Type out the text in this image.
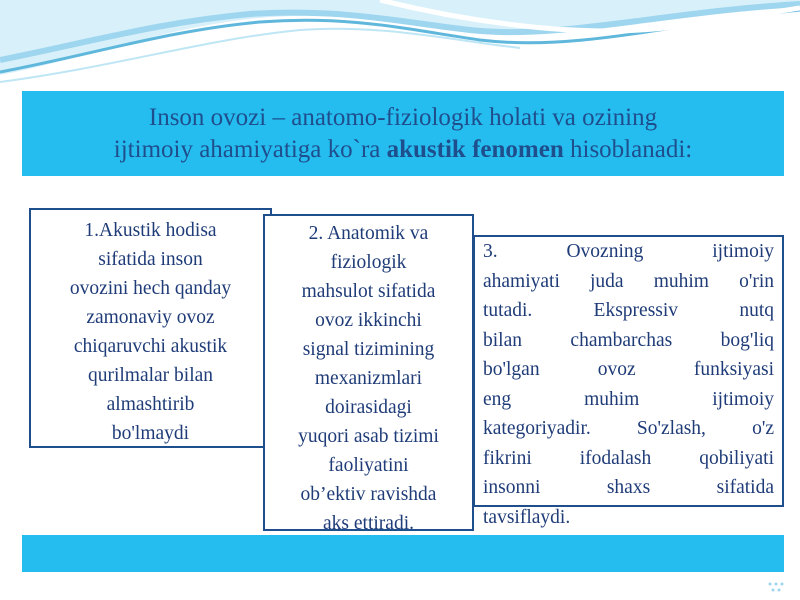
Inson ovozi – anatomo-fiziologik holati va ozining
ijtimoiy ahamiyatiga ko`ra akustik fenomen hisoblanadi:
1.Akustik hodisa
sifatida inson
ovozini hech qanday
zamonaviy ovoz
chiqaruvchi akustik
qurilmalar bilan
almashtirib
bo'lmaydi
2. Anatomik va
fiziologik
mahsulot sifatida
ovoz ikkinchi
signal tizimining
mexanizmlari
doirasidagi
yuqori asab tizimi
faoliyatini
ob’ektiv ravishda
aks ettiradi.
3. Ovozning ijtimoiy
ahamiyati juda muhim o'rin
tutadi. Ekspressiv nutq
bilan chambarchas bog'liq
bo'lgan ovoz funksiyasi
eng muhim ijtimoiy
kategoriyadir. So'zlash, o'z
fikrini ifodalash qobiliyati
insonni shaxs sifatida
tavsiflaydi.
